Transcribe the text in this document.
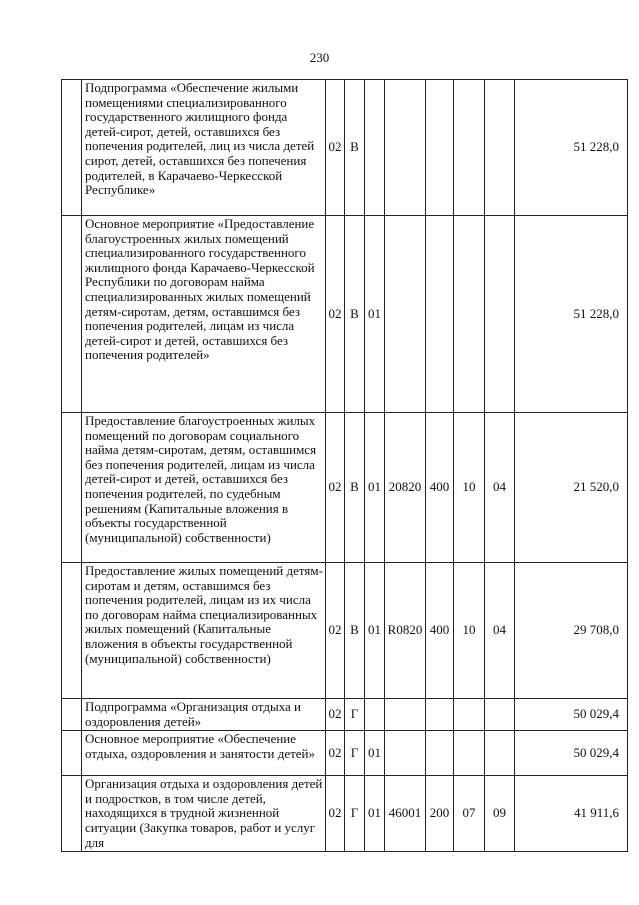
230
	Подпрограмма «Обеспечение жилыми помещениями специализированного государственного жилищного фонда детей-сирот, детей, оставшихся без попечения родителей, лиц из числа детей сирот, детей, оставшихся без попечения родителей, в Карачаево-Черкесской Республике»	02	В						51 228,0
	Основное мероприятие «Предоставление благоустроенных жилых помещений специализированного государственного жилищного фонда Карачаево-Черкесской Республики по договорам найма специализированных жилых помещений детям-сиротам, детям, оставшимся без попечения родителей, лицам из числа детей-сирот и детей, оставшихся без попечения родителей»	02	В	01					51 228,0
	Предоставление благоустроенных жилых помещений по договорам социального найма детям-сиротам, детям, оставшимся без попечения родителей, лицам из числа детей-сирот и детей, оставшихся без попечения родителей, по судебным решениям (Капитальные вложения в объекты государственной (муниципальной) собственности)	02	В	01	20820	400	10	04	21 520,0
	Предоставление жилых помещений детям-сиротам и детям, оставшимся без попечения родителей, лицам из их числа по договорам найма специализированных жилых помещений (Капитальные вложения в объекты государственной (муниципальной) собственности)	02	В	01	R0820	400	10	04	29 708,0
	Подпрограмма «Организация отдыха и оздоровления детей»	02	Г						50 029,4
	Основное мероприятие «Обеспечение отдыха, оздоровления и занятости детей»	02	Г	01					50 029,4
	Организация отдыха и оздоровления детей и подростков, в том числе детей, находящихся в трудной жизненной ситуации (Закупка товаров, работ и услуг для	02	Г	01	46001	200	07	09	41 911,6
